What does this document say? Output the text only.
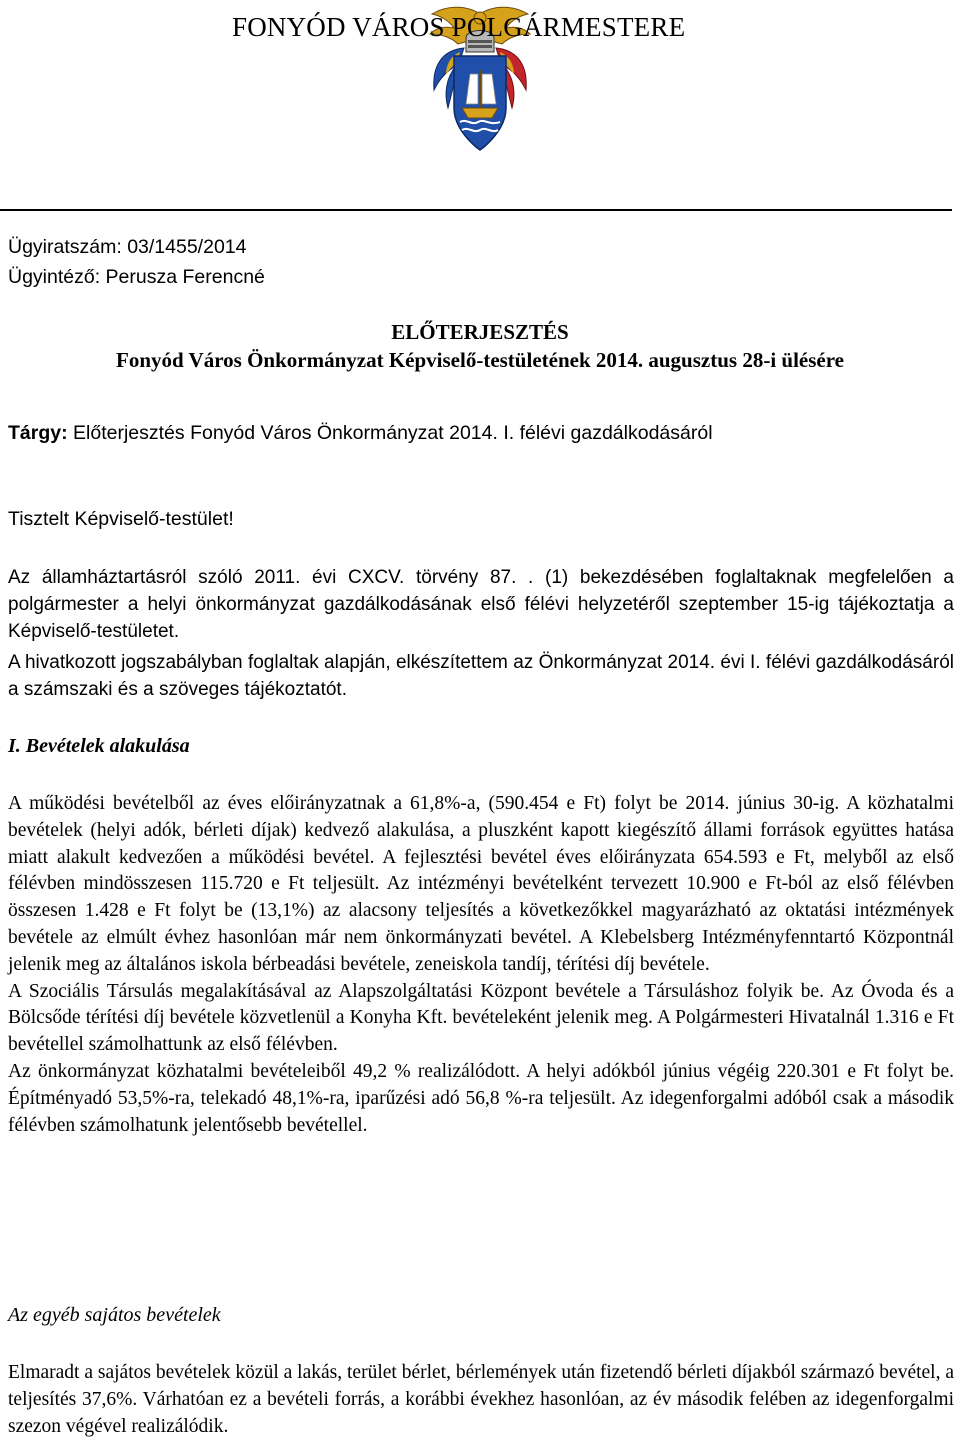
FONYÓD VÁROS POLGÁRMESTERE
Ügyiratszám: 03/1455/2014
Ügyintéző: Perusza Ferencné
ELŐTERJESZTÉS
Fonyód Város Önkormányzat Képviselő-testületének 2014. augusztus 28-i ülésére
Tárgy: Előterjesztés Fonyód Város Önkormányzat 2014. I. félévi gazdálkodásáról
Tisztelt Képviselő-testület!

Az államháztartásról szóló 2011. évi CXCV. törvény 87. . (1) bekezdésében foglaltaknak megfelelően a polgármester a helyi önkormányzat gazdálkodásának első félévi helyzetéről szeptember 15-ig tájékoztatja a Képviselő-testületet.

A hivatkozott jogszabályban foglaltak alapján, elkészítettem az Önkormányzat 2014. évi I. félévi gazdálkodásáról a számszaki és a szöveges tájékoztatót.

I. Bevételek alakulása
A működési bevételből az éves előirányzatnak a 61,8%-a, (590.454 e Ft) folyt be 2014. június 30-ig. A közhatalmi bevételek (helyi adók, bérleti díjak) kedvező alakulása, a pluszként kapott kiegészítő állami források együttes hatása miatt alakult kedvezően a működési bevétel. A fejlesztési bevétel éves előirányzata 654.593 e Ft, melyből az első félévben mindösszesen 115.720 e Ft teljesült. Az intézményi bevételként tervezett 10.900 e Ft-ból az első félévben összesen 1.428 e Ft folyt be (13,1%) az alacsony teljesítés a következőkkel magyarázható az oktatási intézmények bevétele az elmúlt évhez hasonlóan már nem önkormányzati bevétel. A Klebelsberg Intézményfenntartó Központnál jelenik meg az általános iskola bérbeadási bevétele, zeneiskola tandíj, térítési díj bevétele.
A Szociális Társulás megalakításával az Alapszolgáltatási Központ bevétele a Társuláshoz folyik be. Az Óvoda és a Bölcsőde térítési díj bevétele közvetlenül a Konyha Kft. bevételeként jelenik meg. A Polgármesteri Hivatalnál 1.316 e Ft bevétellel számolhattunk az első félévben.
Az önkormányzat közhatalmi bevételeiből 49,2 % realizálódott. A helyi adókból június végéig 220.301 e Ft folyt be. Építményadó 53,5%-ra, telekadó 48,1%-ra, iparűzési adó 56,8 %-ra teljesült. Az idegenforgalmi adóból csak a második félévben számolhatunk jelentősebb bevétellel.
Az egyéb sajátos bevételek

Elmaradt a sajátos bevételek közül a lakás, terület bérlet, bérlemények után fizetendő bérleti díjakból származó bevétel, a teljesítés 37,6%. Várhatóan ez a bevételi forrás, a korábbi évekhez hasonlóan, az év második felében az idegenforgalmi szezon végével realizálódik.
